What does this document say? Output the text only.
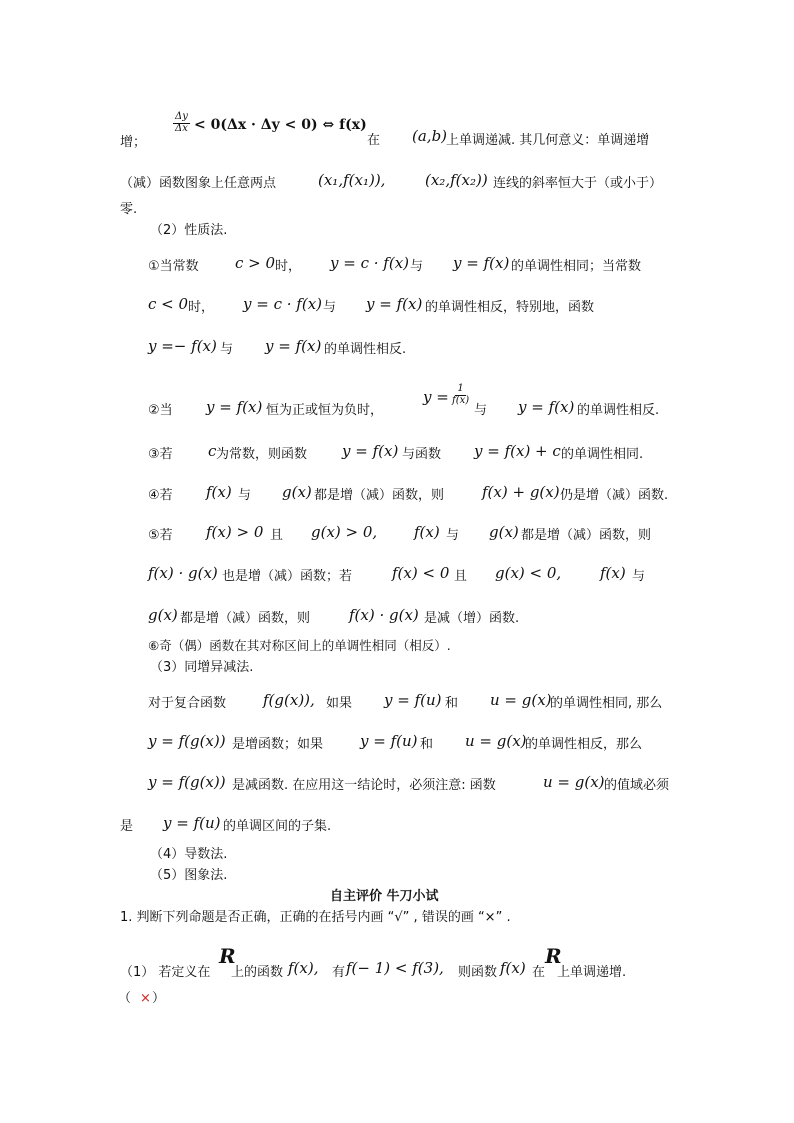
增；
$\frac{\Delta y}{\Delta x} < 0(\Delta x \cdot \Delta y < 0)$ ⇔ f(x)
在 (a,b)
上单调递减. 其几何意义：单调递增
（减）函数图象上任意两点	(x₁,f(x₁)),	(x₂,f(x₂)) 连线的斜率恒大于（或小于）
零.
（2）性质法.
①当常数 c > 0 时， y = c · f(x) 与 y = f(x) 的单调性相同；当常数
c < 0 时， y = c · f(x) 与 y = f(x) 的单调性相反，特别地，函数
y =− f(x) 与 y = f(x) 的单调性相反.
②当 y = f(x) 恒为正或恒为负时，
$y = \frac{1}{f(x)}$
与 y = f(x) 的单调性相反.
③若 c 为常数，则函数 y = f(x) 与函数 y = f(x) + c 的单调性相同.
④若 f(x) 与 g(x) 都是增（减）函数，则	f(x) + g(x) 仍是增（减）函数.
⑤若 f(x) > 0 且 g(x) > 0, f(x) 与 g(x) 都是增（减）函数，则
f(x) · g(x) 也是增（减）函数；若	f(x) < 0 且 g(x) < 0,	f(x) 与
g(x) 都是增（减）函数，则	f(x) · g(x) 是减（增）函数.
⑥奇（偶）函数在其对称区间上的单调性相同（相反）.
（3）同增异减法.
对于复合函数 f(g(x)), 如果 y = f(u) 和 u = g(x)
的单调性相同, 那么
y = f(g(x)) 是增函数；如果 y = f(u) 和 u = g(x)
的单调性相反，那么
y = f(g(x)) 是减函数. 在应用这一结论时，必须注意: 函数	u = g(x) 的值域必须
是 y = f(u) 的单调区间的子集.
（4）导数法.
（5）图象法.
自主评价 牛刀小试
1. 判断下列命题是否正确，正确的在括号内画 “√” , 错误的画 “×” .
（1） 若定义在
R
上的函数 f(x), 有 f(− 1) < f(3), 则函数 f(x) 在
R
上单调递增.
（ × ）
